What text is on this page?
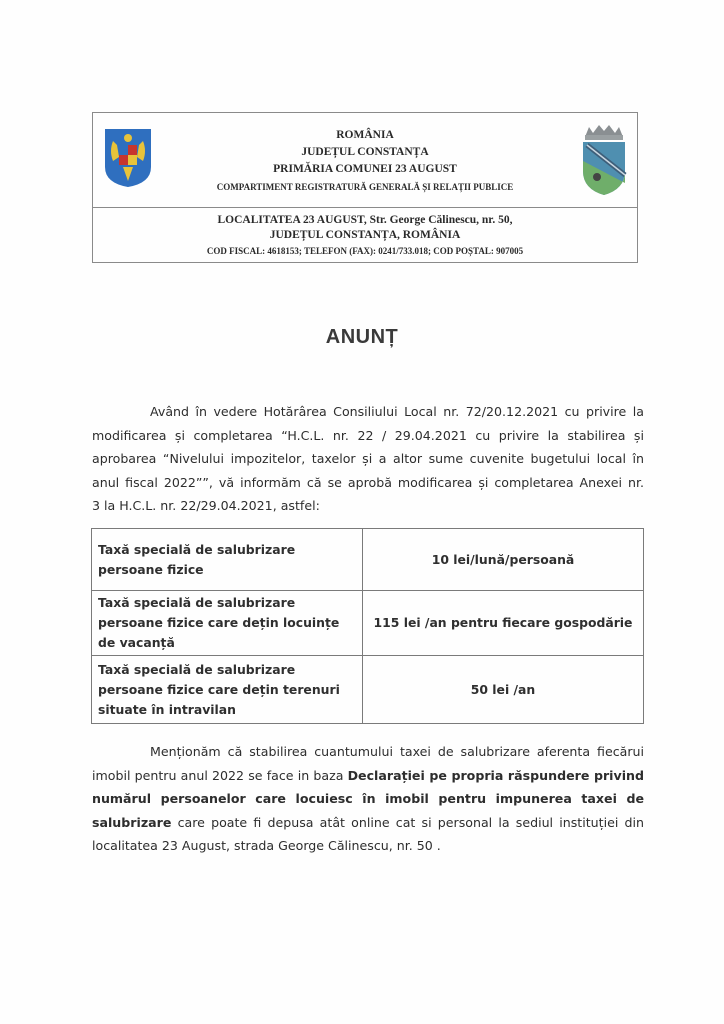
ROMÂNIA
JUDEȚUL CONSTANȚA
PRIMĂRIA COMUNEI 23 AUGUST
COMPARTIMENT REGISTRATURĂ GENERALĂ ȘI RELAȚII PUBLICE
LOCALITATEA 23 AUGUST, Str. George Călinescu, nr. 50,
JUDEȚUL CONSTANȚA, ROMÂNIA
COD FISCAL: 4618153; TELEFON (FAX): 0241/733.018; COD POȘTAL: 907005
ANUNȚ
Având în vedere Hotărârea Consiliului Local nr. 72/20.12.2021 cu privire la
modificarea și completarea “H.C.L. nr. 22 / 29.04.2021 cu privire la stabilirea și
aprobarea “Nivelului impozitelor, taxelor și a altor sume cuvenite bugetului local în
anul fiscal 2022””, vă informăm că se aprobă modificarea și completarea Anexei nr.
3 la H.C.L. nr. 22/29.04.2021, astfel:
Taxă specială de salubrizare persoane fizice	10 lei/lună/persoană
Taxă specială de salubrizare persoane fizice care dețin locuințe de vacanță	115 lei /an pentru fiecare gospodărie
Taxă specială de salubrizare persoane fizice care dețin terenuri situate în intravilan	50 lei /an
Menționăm că stabilirea cuantumului taxei de salubrizare aferenta fiecărui imobil pentru anul 2022 se face in baza Declarației pe propria răspundere privind numărul persoanelor care locuiesc în imobil pentru impunerea taxei de salubrizare care poate fi depusa atât online cat si personal la sediul instituției din localitatea 23 August, strada George Călinescu, nr. 50 .
